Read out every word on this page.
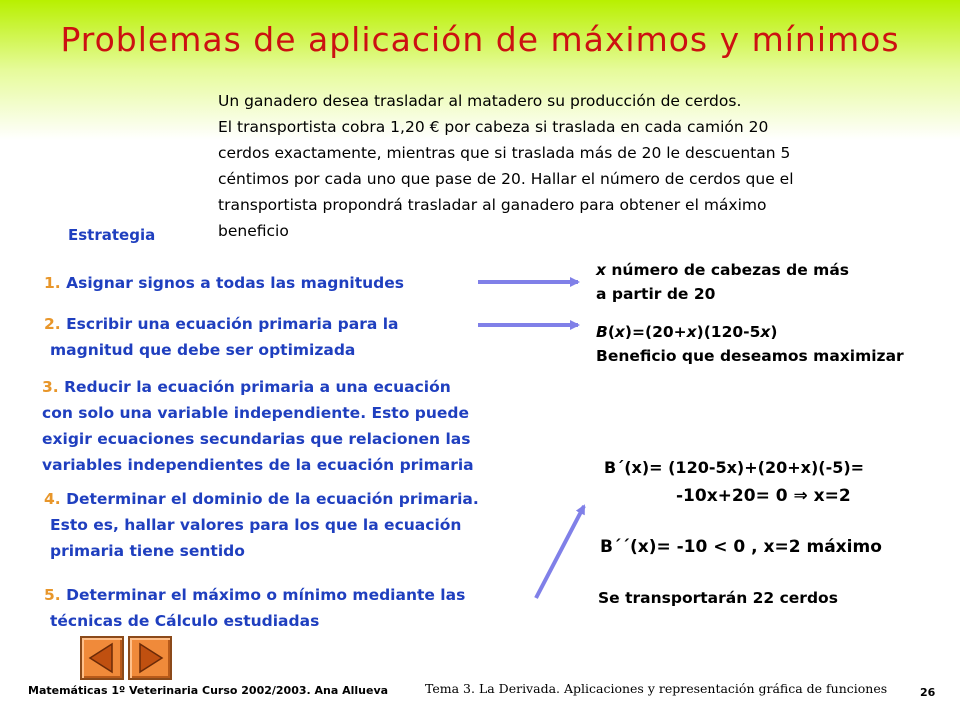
Problemas de aplicación de máximos y mínimos
Un ganadero desea trasladar al matadero su producción de cerdos.
El transportista cobra 1,20 € por cabeza si traslada en cada camión 20
cerdos exactamente, mientras que si traslada más de 20 le descuentan 5
céntimos por cada uno que pase de 20. Hallar el número de cerdos que el
transportista propondrá trasladar al ganadero para obtener el máximo
beneficio
Estrategia
1. Asignar signos a todas las magnitudes
2. Escribir una ecuación primaria para la
magnitud que debe ser optimizada
3. Reducir la ecuación primaria a una ecuación
con solo una variable independiente. Esto puede
exigir ecuaciones secundarias que relacionen las
variables independientes de la ecuación primaria
4. Determinar el dominio de la ecuación primaria.
Esto es, hallar valores para los que la ecuación
primaria tiene sentido
5. Determinar el máximo o mínimo mediante las
técnicas de Cálculo estudiadas
x número de cabezas de más
a partir de 20
B(x)=(20+x)(120-5x)
Beneficio que deseamos maximizar
B´(x)= (120-5x)+(20+x)(-5)=
-10x+20= 0 ⇒ x=2
B´´(x)= -10 < 0 , x=2 máximo
Se transportarán 22 cerdos
Matemáticas 1º Veterinaria Curso 2002/2003. Ana Allueva	Tema 3. La Derivada. Aplicaciones y representación gráfica de funciones	26
